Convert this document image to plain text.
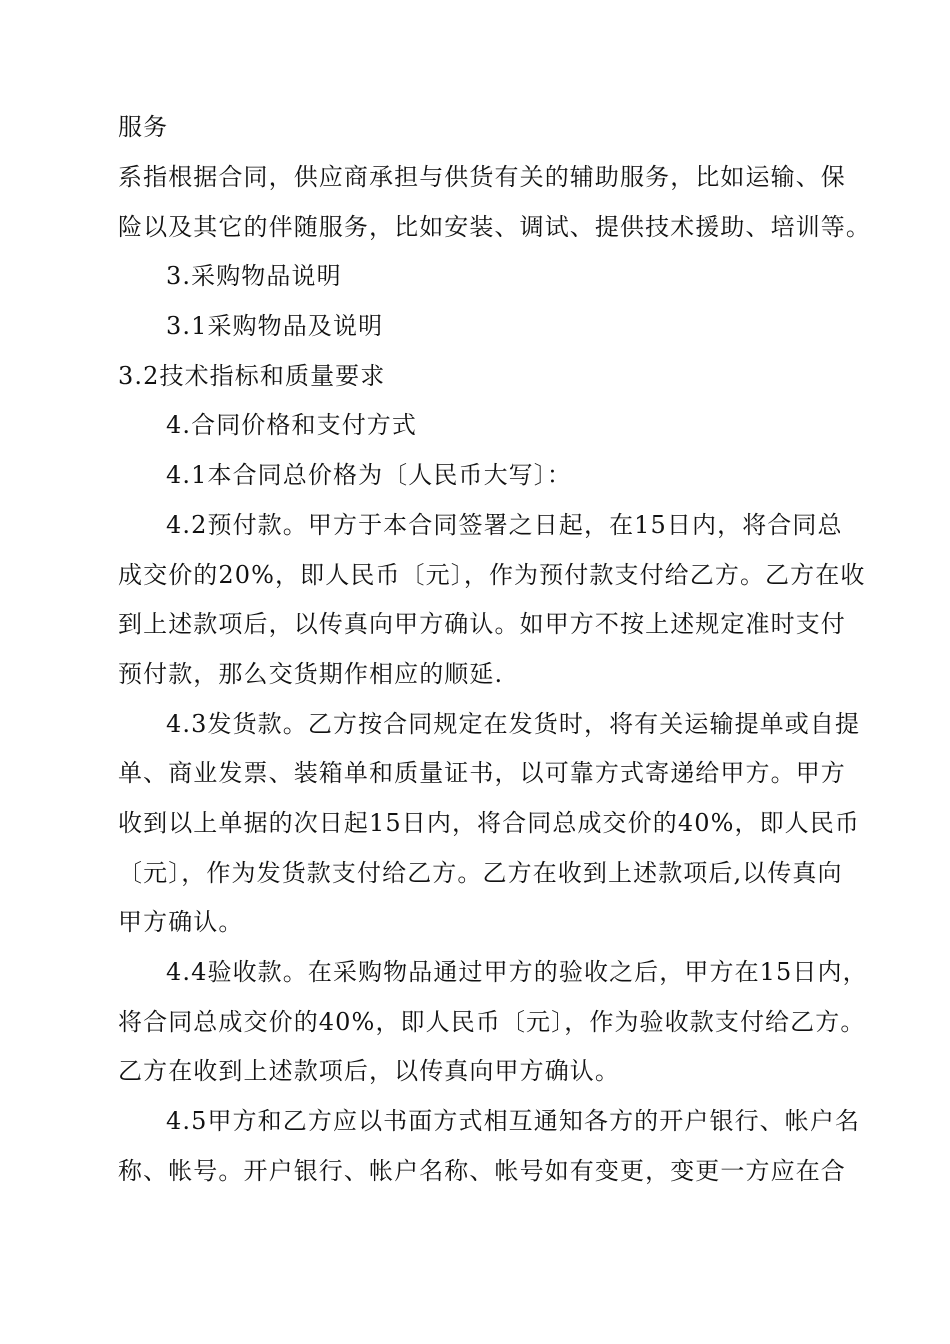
服务
系指根据合同，供应商承担与供货有关的辅助服务，比如运输、保
险以及其它的伴随服务，比如安装、调试、提供技术援助、培训等。
3.采购物品说明
3.1采购物品及说明
3.2技术指标和质量要求
4.合同价格和支付方式
4.1本合同总价格为〔人民币大写〕：
4.2预付款。甲方于本合同签署之日起，在15日内，将合同总
成交价的20%，即人民币〔元〕，作为预付款支付给乙方。乙方在收
到上述款项后，以传真向甲方确认。如甲方不按上述规定准时支付
预付款，那么交货期作相应的顺延.
4.3发货款。乙方按合同规定在发货时，将有关运输提单或自提
单、商业发票、装箱单和质量证书，以可靠方式寄递给甲方。甲方
收到以上单据的次日起15日内，将合同总成交价的40%，即人民币
〔元〕，作为发货款支付给乙方。乙方在收到上述款项后,以传真向
甲方确认。
4.4验收款。在采购物品通过甲方的验收之后，甲方在15日内，
将合同总成交价的40%，即人民币〔元〕，作为验收款支付给乙方。
乙方在收到上述款项后，以传真向甲方确认。
4.5甲方和乙方应以书面方式相互通知各方的开户银行、帐户名
称、帐号。开户银行、帐户名称、帐号如有变更，变更一方应在合
